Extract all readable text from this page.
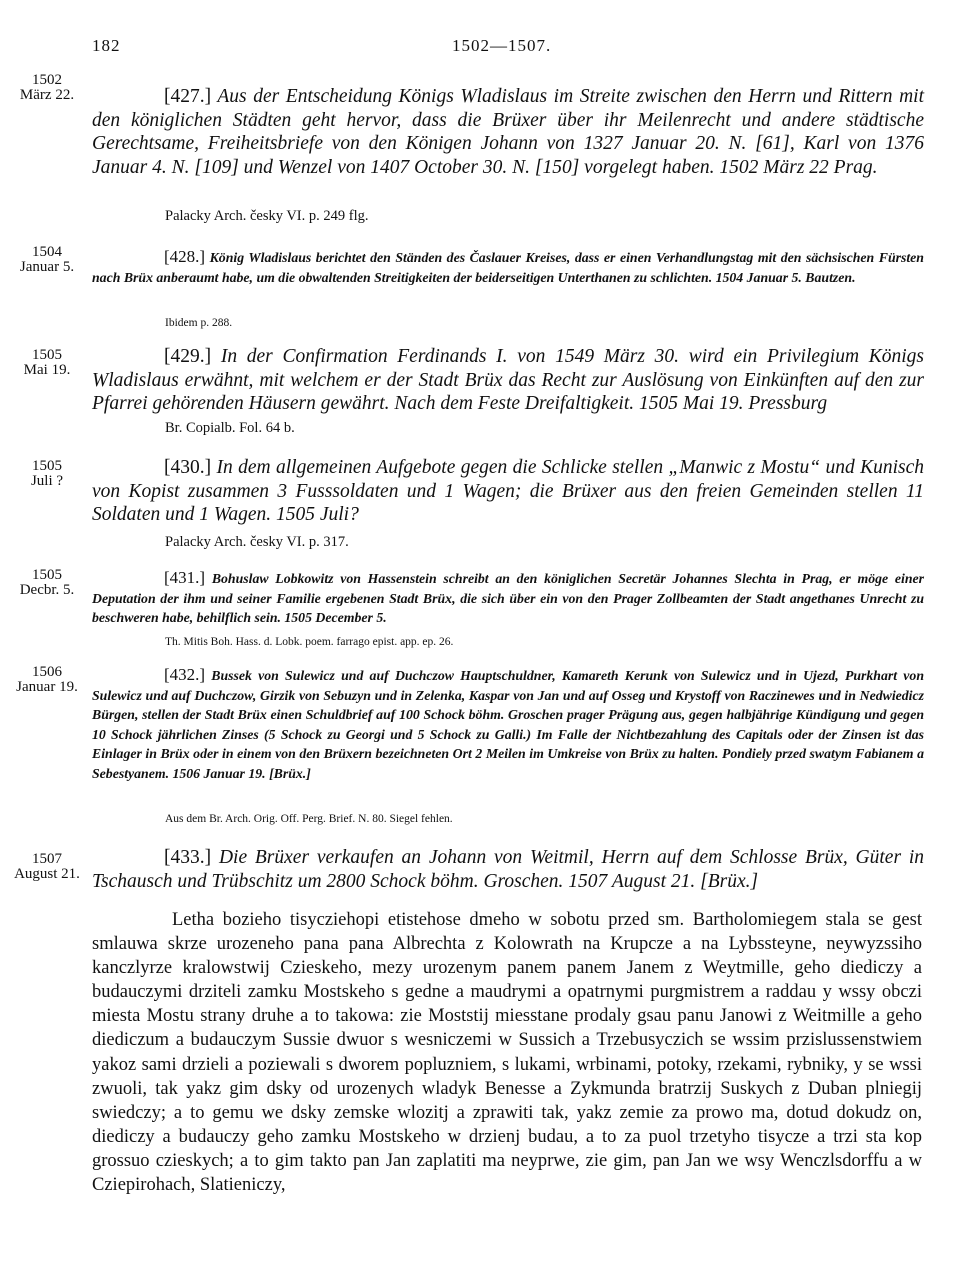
182	1502—1507.
1502
März 22.	[427.] Aus der Entscheidung Königs Wladislaus im Streite zwischen den Herrn und Rittern mit den königlichen Städten geht hervor, dass die Brüxer über ihr Meilenrecht und andere städtische Gerechtsame, Freiheitsbriefe von den Königen Johann von 1327 Januar 20. N. [61], Karl von 1376 Januar 4. N. [109] und Wenzel von 1407 October 30. N. [150] vorgelegt haben. 1502 März 22 Prag.
Palacky Arch. česky VI. p. 249 flg.
1504
Januar 5.
[428.] König Wladislaus berichtet den Ständen des Časlauer Kreises, dass er einen Verhandlungstag mit den sächsischen Fürsten nach Brüx anberaumt habe, um die obwaltenden Streitigkeiten der beiderseitigen Unterthanen zu schlichten. 1504 Januar 5. Bautzen.
Ibidem p. 288.
1505
Mai 19.
[429.] In der Confirmation Ferdinands I. von 1549 März 30. wird ein Privilegium Königs Wladislaus erwähnt, mit welchem er der Stadt Brüx das Recht zur Auslösung von Einkünften auf den zur Pfarrei gehörenden Häusern gewährt. Nach dem Feste Dreifaltigkeit. 1505 Mai 19. Pressburg
Br. Copialb. Fol. 64 b.
1505
Juli ?
[430.] In dem allgemeinen Aufgebote gegen die Schlicke stellen „Manwic z Mostu“ und Kunisch von Kopist zusammen 3 Fusssoldaten und 1 Wagen; die Brüxer aus den freien Gemeinden stellen 11 Soldaten und 1 Wagen. 1505 Juli?
Palacky Arch. česky VI. p. 317.
1505
Decbr. 5.
[431.] Bohuslaw Lobkowitz von Hassenstein schreibt an den königlichen Secretär Johannes Slechta in Prag, er möge einer Deputation der ihm und seiner Familie ergebenen Stadt Brüx, die sich über ein von den Prager Zollbeamten der Stadt angethanes Unrecht zu beschweren habe, behilflich sein. 1505 December 5.
Th. Mitis Boh. Hass. d. Lobk. poem. farrago epist. app. ep. 26.
1506
Januar 19.
[432.] Bussek von Sulewicz und auf Duchczow Hauptschuldner, Kamareth Kerunk von Sulewicz und in Ujezd, Purkhart von Sulewicz und auf Duchczow, Girzik von Sebuzyn und in Zelenka, Kaspar von Jan und auf Osseg und Krystoff von Raczinewes und in Nedwiedicz Bürgen, stellen der Stadt Brüx einen Schuldbrief auf 100 Schock böhm. Groschen prager Prägung aus, gegen halbjährige Kündigung und gegen 10 Schock jährlichen Zinses (5 Schock zu Georgi und 5 Schock zu Galli.) Im Falle der Nichtbezahlung des Capitals oder der Zinsen ist das Einlager in Brüx oder in einem von den Brüxern bezeichneten Ort 2 Meilen im Umkreise von Brüx zu halten. Pondiely przed swatym Fabianem a Sebestyanem. 1506 Januar 19. [Brüx.]
Aus dem Br. Arch. Orig. Off. Perg. Brief. N. 80. Siegel fehlen.
1507
August 21.
[433.] Die Brüxer verkaufen an Johann von Weitmil, Herrn auf dem Schlosse Brüx, Güter in Tschausch und Trübschitz um 2800 Schock böhm. Groschen. 1507 August 21. [Brüx.]

Letha bozieho tisycziehopi etistehose dmeho w sobotu przed sm. Bartholomiegem stala se gest smlauwa skrze urozeneho pana pana Albrechta z Kolowrath na Krupcze a na Lybssteyne, neywyzssiho kanczlyrze kralowstwij Czieskeho, mezy urozenym panem panem Janem z Weytmille, geho diediczy a budauczymi drziteli zamku Mostskeho s gedne a maudrymi a opatrnymi purgmistrem a raddau y wssy obczi miesta Mostu strany druhe a to takowa: zie Moststij miesstane prodaly gsau panu Janowi z Weitmille a geho diediczum a budauczym Sussie dwuor s wesniczemi w Sussich a Trzebusyczich se wssim przislussenstwiem yakoz sami drzieli a poziewali s dworem popluzniem, s lukami, wrbinami, potoky, rzekami, rybniky, y se wssi zwuoli, tak yakz gim dsky od urozenych wladyk Benesse a Zykmunda bratrzij Suskych z Duban plniegij swiedczy; a to gemu we dsky zemske wlozitj a zprawiti tak, yakz zemie za prowo ma, dotud dokudz on, diediczy a budauczy geho zamku Mostskeho w drzienj budau, a to za puol trzetyho tisycze a trzi sta kop grossuo czieskych; a to gim takto pan Jan zaplatiti ma neyprwe, zie gim, pan Jan we wsy Wenczlsdorffu a w Cziepirohach, Slatieniczy,
